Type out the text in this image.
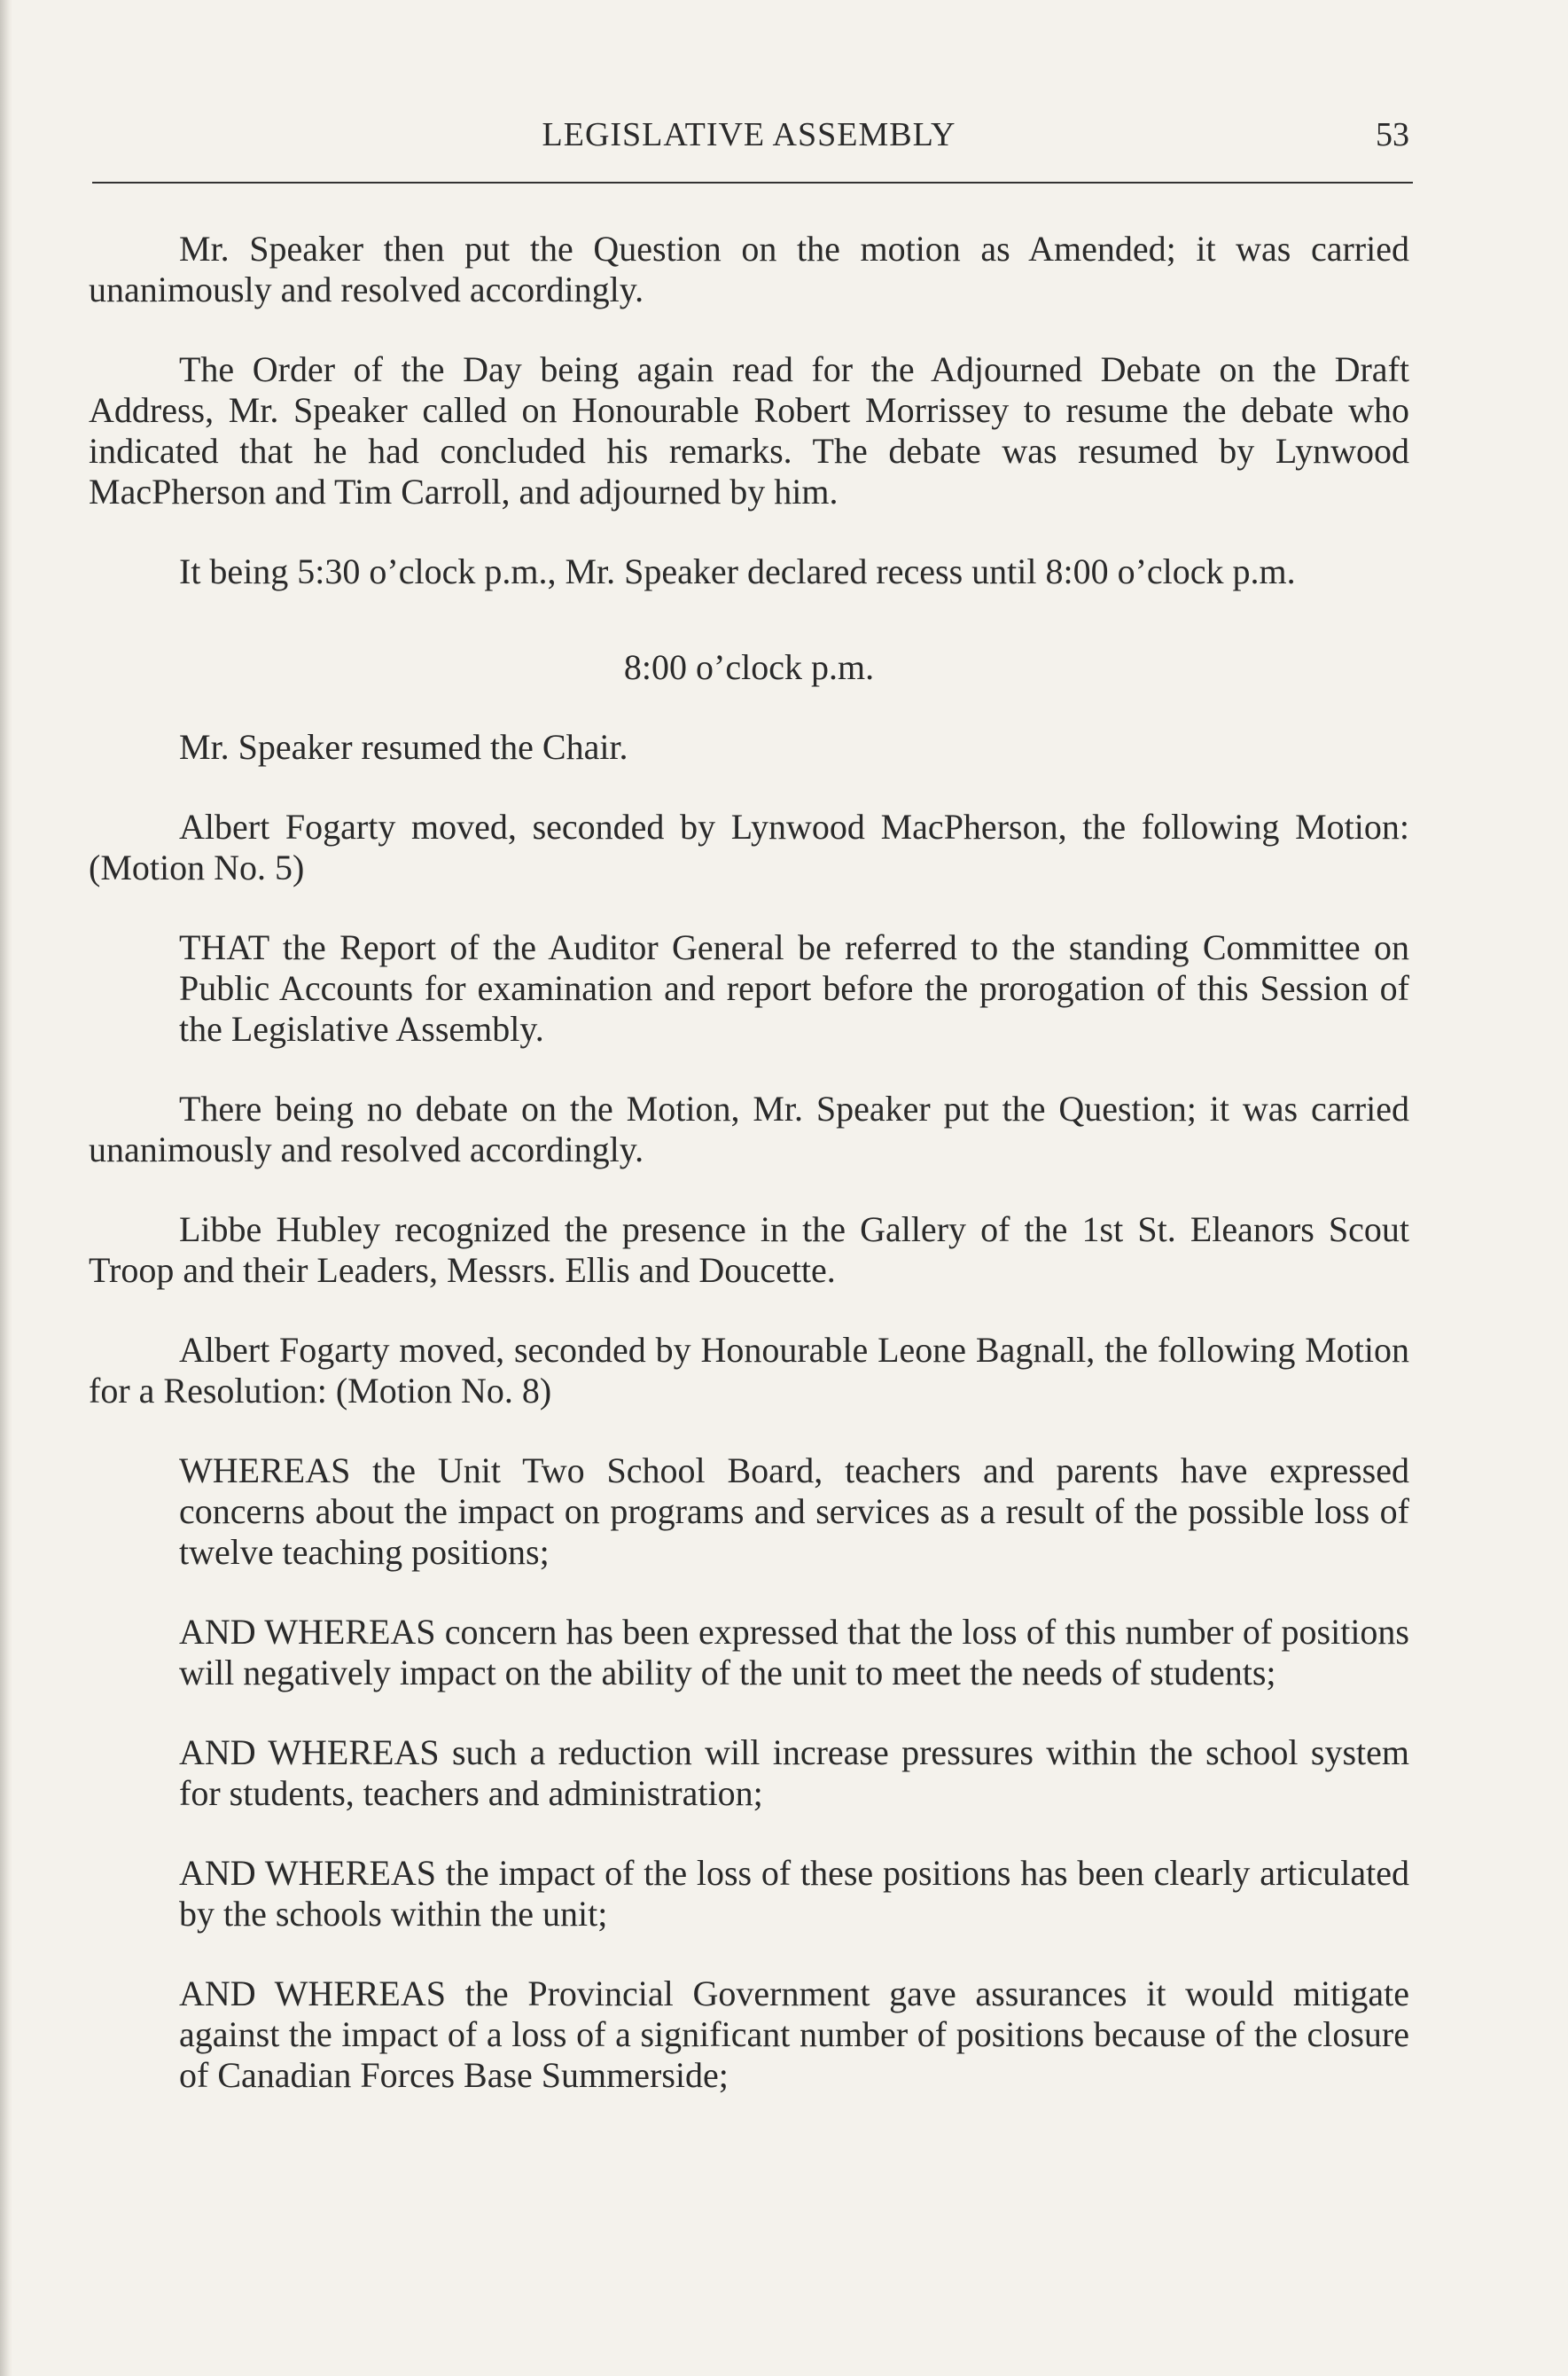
LEGISLATIVE ASSEMBLY	53

Mr. Speaker then put the Question on the motion as Amended; it was carried unanimously and resolved accordingly.

The Order of the Day being again read for the Adjourned Debate on the Draft Address, Mr. Speaker called on Honourable Robert Morrissey to resume the debate who indicated that he had concluded his remarks. The debate was resumed by Lynwood MacPherson and Tim Carroll, and adjourned by him.

It being 5:30 o’clock p.m., Mr. Speaker declared recess until 8:00 o’clock p.m.

8:00 o’clock p.m.

Mr. Speaker resumed the Chair.

Albert Fogarty moved, seconded by Lynwood MacPherson, the following Motion: (Motion No. 5)

THAT the Report of the Auditor General be referred to the standing Committee on Public Accounts for examination and report before the prorogation of this Session of the Legislative Assembly.

There being no debate on the Motion, Mr. Speaker put the Question; it was carried unanimously and resolved accordingly.

Libbe Hubley recognized the presence in the Gallery of the 1st St. Eleanors Scout Troop and their Leaders, Messrs. Ellis and Doucette.

Albert Fogarty moved, seconded by Honourable Leone Bagnall, the following Motion for a Resolution: (Motion No. 8)

WHEREAS the Unit Two School Board, teachers and parents have expressed concerns about the impact on programs and services as a result of the possible loss of twelve teaching positions;

AND WHEREAS concern has been expressed that the loss of this number of positions will negatively impact on the ability of the unit to meet the needs of students;

AND WHEREAS such a reduction will increase pressures within the school system for students, teachers and administration;

AND WHEREAS the impact of the loss of these positions has been clearly articulated by the schools within the unit;

AND WHEREAS the Provincial Government gave assurances it would mitigate against the impact of a loss of a significant number of positions because of the closure of Canadian Forces Base Summerside;
